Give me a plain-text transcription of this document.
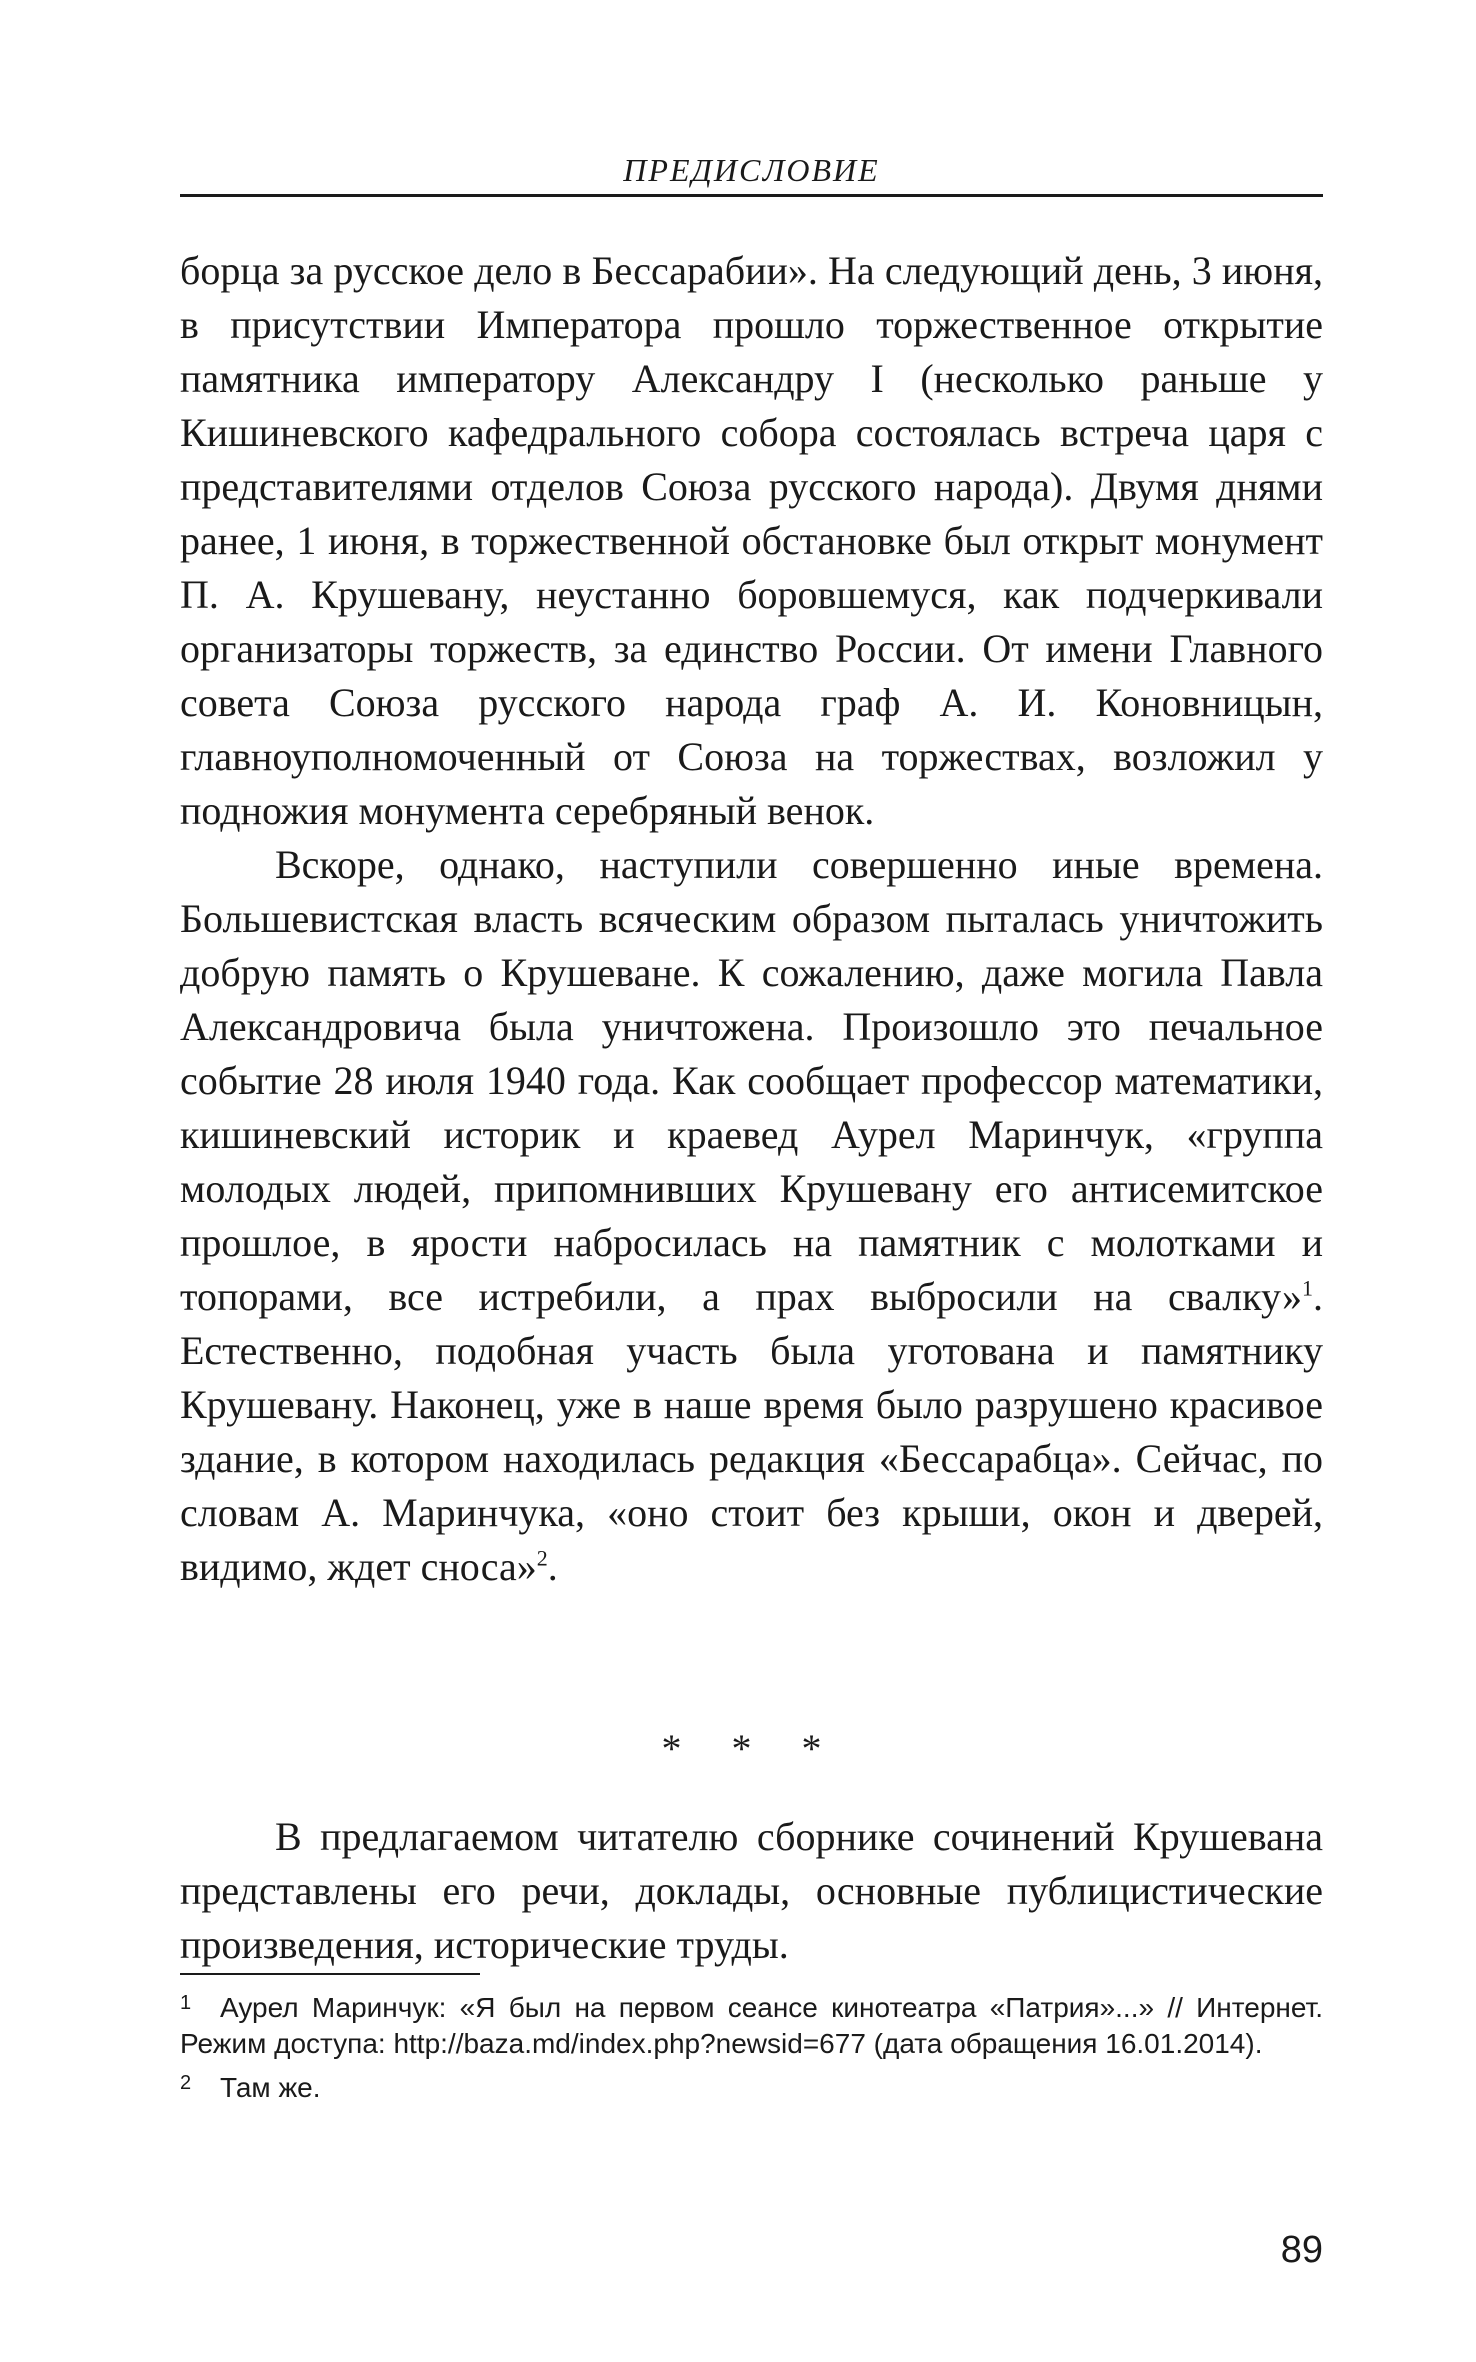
ПРЕДИСЛОВИЕ

борца за русское дело в Бессарабии». На следующий день, 3 июня, в присутствии Императора прошло торжественное открытие памятника императору Александру I (несколько раньше у Кишиневского кафедрального собора состоялась встреча царя с представителями отделов Союза русского народа). Двумя днями ранее, 1 июня, в торжественной обстановке был открыт монумент П. А. Крушевану, неустанно боровшемуся, как подчеркивали организаторы торжеств, за единство России. От имени Главного совета Союза русского народа граф А. И. Коновницын, главноуполномоченный от Союза на торжествах, возложил у подножия монумента серебряный венок.

Вскоре, однако, наступили совершенно иные времена. Большевистская власть всяческим образом пыталась уничтожить добрую память о Крушеване. К сожалению, даже могила Павла Александровича была уничтожена. Произошло это печальное событие 28 июля 1940 года. Как сообщает профессор математики, кишиневский историк и краевед Аурел Маринчук, «группа молодых людей, припомнивших Крушевану его антисемитское прошлое, в ярости набросилась на памятник с молотками и топорами, все истребили, а прах выбросили на свалку»$^1$. Естественно, подобная участь была уготована и памятнику Крушевану. Наконец, уже в наше время было разрушено красивое здание, в котором находилась редакция «Бессарабца». Сейчас, по словам А. Маринчука, «оно стоит без крыши, окон и дверей, видимо, ждет сноса»$^2$.

* * *

В предлагаемом читателю сборнике сочинений Крушевана представлены его речи, доклады, основные публицистические произведения, исторические труды.

1 Аурел Маринчук: «Я был на первом сеансе кинотеатра «Патрия»...» // Интернет. Режим доступа: http://baza.md/index.php?newsid=677 (дата обращения 16.01.2014).

2 Там же.

89
